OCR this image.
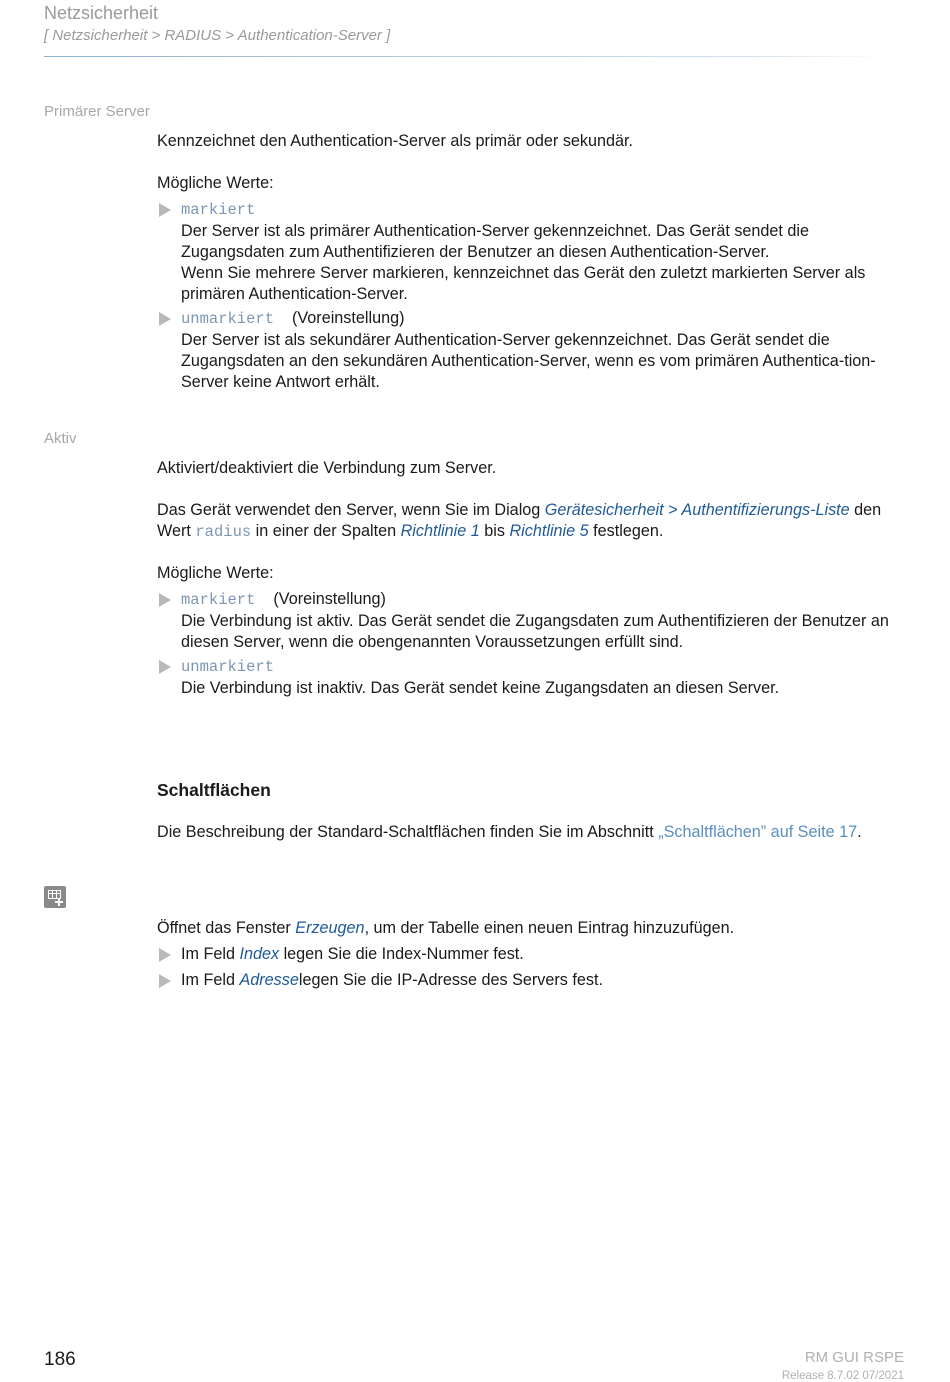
Netzsicherheit
[ Netzsicherheit > RADIUS > Authentication-Server ]
Primärer Server
Kennzeichnet den Authentication-Server als primär oder sekundär.
Mögliche Werte:
markiert
Der Server ist als primärer Authentication-Server gekennzeichnet. Das Gerät sendet die Zugangsdaten zum Authentifizieren der Benutzer an diesen Authentication-Server.
Wenn Sie mehrere Server markieren, kennzeichnet das Gerät den zuletzt markierten Server als primären Authentication-Server.
unmarkiert (Voreinstellung)
Der Server ist als sekundärer Authentication-Server gekennzeichnet. Das Gerät sendet die Zugangsdaten an den sekundären Authentication-Server, wenn es vom primären Authentica-tion-Server keine Antwort erhält.
Aktiv
Aktiviert/deaktiviert die Verbindung zum Server.
Das Gerät verwendet den Server, wenn Sie im Dialog Gerätesicherheit > Authentifizierungs-Liste den Wert radius in einer der Spalten Richtlinie 1 bis Richtlinie 5 festlegen.
Mögliche Werte:
markiert (Voreinstellung)
Die Verbindung ist aktiv. Das Gerät sendet die Zugangsdaten zum Authentifizieren der Benutzer an diesen Server, wenn die obengenannten Voraussetzungen erfüllt sind.
unmarkiert
Die Verbindung ist inaktiv. Das Gerät sendet keine Zugangsdaten an diesen Server.
Schaltflächen
Die Beschreibung der Standard-Schaltflächen finden Sie im Abschnitt „Schaltflächen” auf Seite 17.
Öffnet das Fenster Erzeugen, um der Tabelle einen neuen Eintrag hinzuzufügen.
Im Feld Index legen Sie die Index-Nummer fest.
Im Feld Adresselegen Sie die IP-Adresse des Servers fest.
186	RM GUI RSPE
Release 8.7.02 07/2021
